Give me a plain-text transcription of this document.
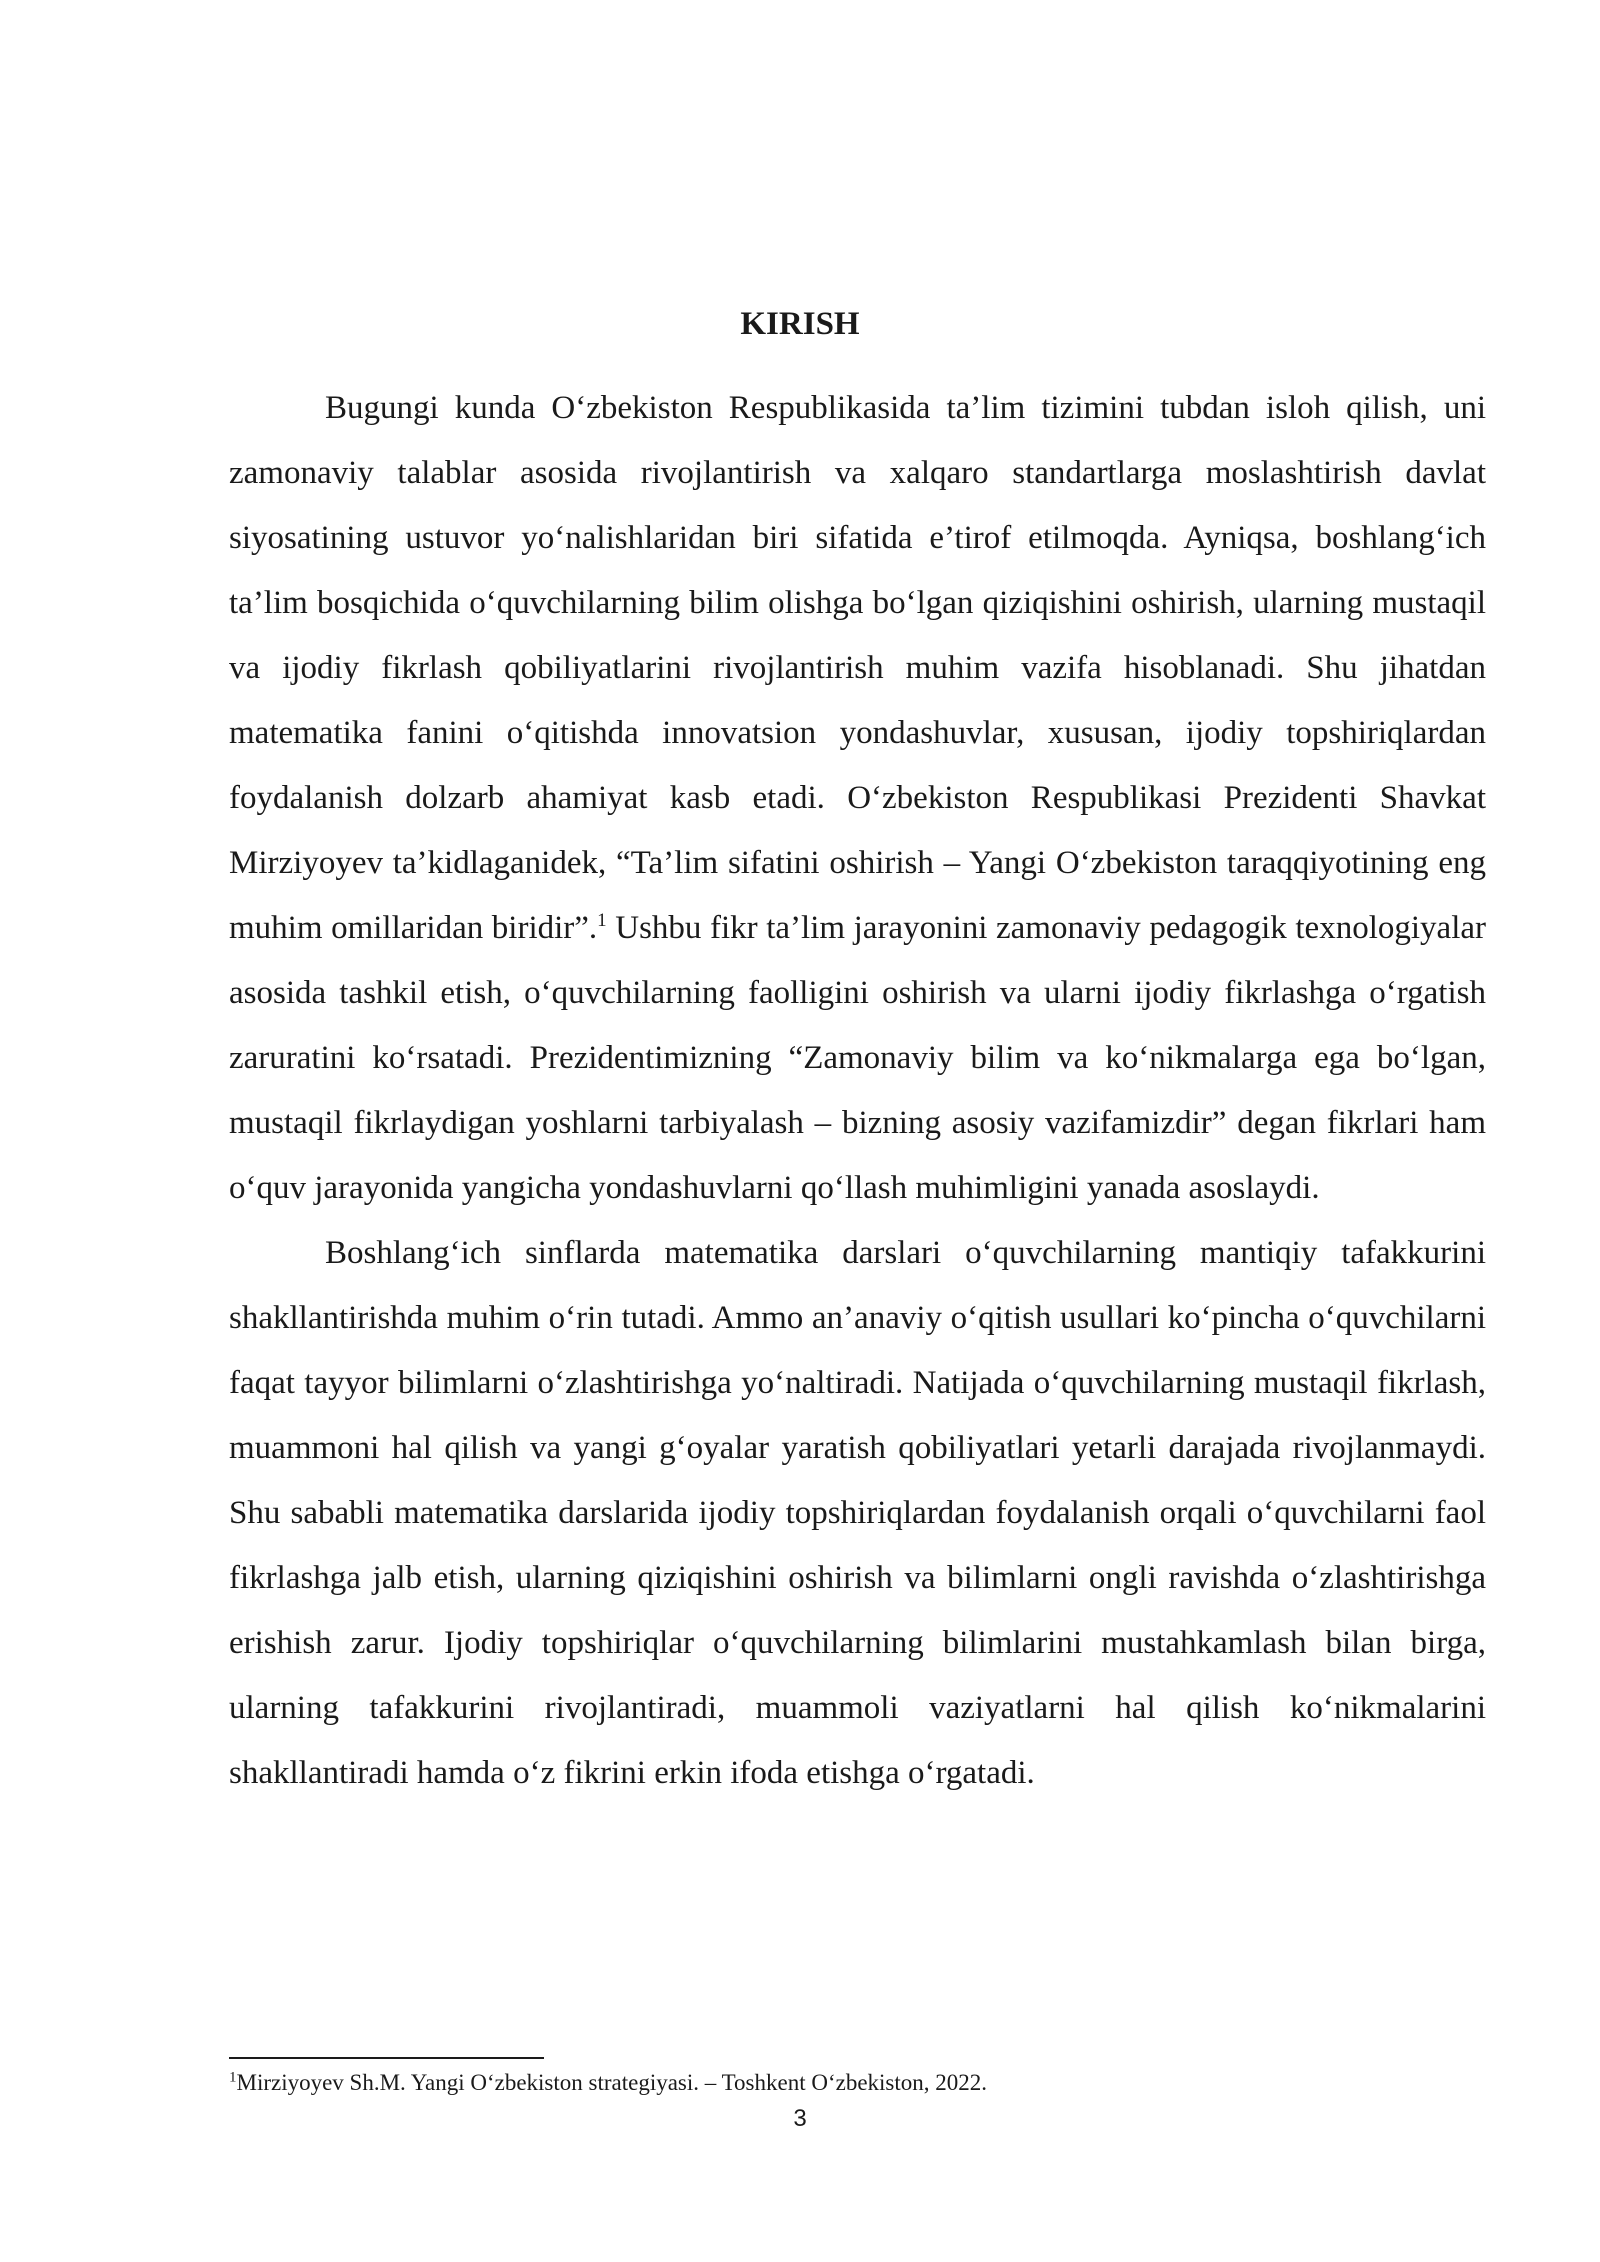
KIRISH

Bugungi kunda O‘zbekiston Respublikasida ta’lim tizimini tubdan isloh qilish, uni zamonaviy talablar asosida rivojlantirish va xalqaro standartlarga moslashtirish davlat siyosatining ustuvor yo‘nalishlaridan biri sifatida e’tirof etilmoqda. Ayniqsa, boshlang‘ich ta’lim bosqichida o‘quvchilarning bilim olishga bo‘lgan qiziqishini oshirish, ularning mustaqil va ijodiy fikrlash qobiliyatlarini rivojlantirish muhim vazifa hisoblanadi. Shu jihatdan matematika fanini o‘qitishda innovatsion yondashuvlar, xususan, ijodiy topshiriqlardan foydalanish dolzarb ahamiyat kasb etadi. O‘zbekiston Respublikasi Prezidenti Shavkat Mirziyoyev ta’kidlaganidek, “Ta’lim sifatini oshirish – Yangi O‘zbekiston taraqqiyotining eng muhim omillaridan biridir”.$^1$ Ushbu fikr ta’lim jarayonini zamonaviy pedagogik texnologiyalar asosida tashkil etish, o‘quvchilarning faolligini oshirish va ularni ijodiy fikrlashga o‘rgatish zaruratini ko‘rsatadi. Prezidentimizning “Zamonaviy bilim va ko‘nikmalarga ega bo‘lgan, mustaqil fikrlaydigan yoshlarni tarbiyalash – bizning asosiy vazifamizdir” degan fikrlari ham o‘quv jarayonida yangicha yondashuvlarni qo‘llash muhimligini yanada asoslaydi.

Boshlang‘ich sinflarda matematika darslari o‘quvchilarning mantiqiy tafakkurini shakllantirishda muhim o‘rin tutadi. Ammo an’anaviy o‘qitish usullari ko‘pincha o‘quvchilarni faqat tayyor bilimlarni o‘zlashtirishga yo‘naltiradi. Natijada o‘quvchilarning mustaqil fikrlash, muammoni hal qilish va yangi g‘oyalar yaratish qobiliyatlari yetarli darajada rivojlanmaydi. Shu sababli matematika darslarida ijodiy topshiriqlardan foydalanish orqali o‘quvchilarni faol fikrlashga jalb etish, ularning qiziqishini oshirish va bilimlarni ongli ravishda o‘zlashtirishga erishish zarur. Ijodiy topshiriqlar o‘quvchilarning bilimlarini mustahkamlash bilan birga, ularning tafakkurini rivojlantiradi, muammoli vaziyatlarni hal qilish ko‘nikmalarini shakllantiradi hamda o‘z fikrini erkin ifoda etishga o‘rgatadi.

$^1$Mirziyoyev Sh.M. Yangi O‘zbekiston strategiyasi. – Toshkent O‘zbekiston, 2022.
3
